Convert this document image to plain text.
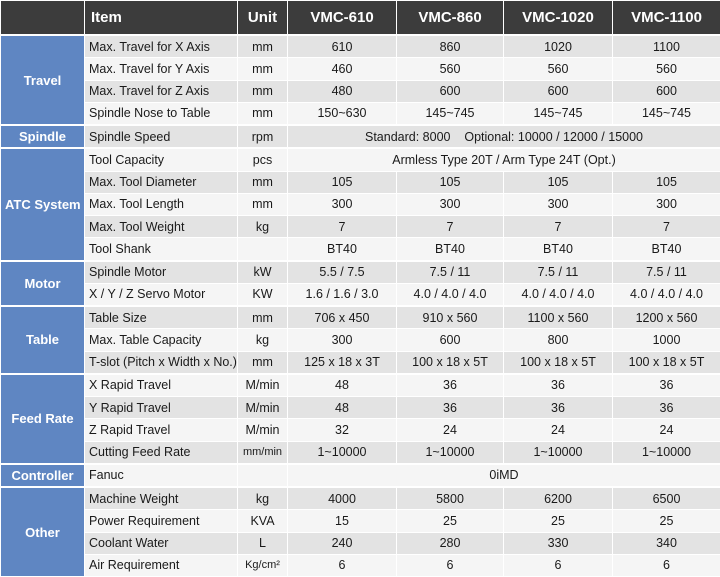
	Item	Unit	VMC-610	VMC-860	VMC-1020	VMC-1100
Travel	Max. Travel for X Axis	mm	610	860	1020	1100
	Max. Travel for Y Axis	mm	460	560	560	560
	Max. Travel for Z Axis	mm	480	600	600	600
	Spindle Nose to Table	mm	150~630	145~745	145~745	145~745
Spindle	Spindle Speed	rpm	Standard: 8000    Optional: 10000 / 12000 / 15000			
ATC System	Tool Capacity	pcs	Armless Type 20T / Arm Type 24T (Opt.)			
	Max. Tool Diameter	mm	105	105	105	105
	Max. Tool Length	mm	300	300	300	300
	Max. Tool Weight	kg	7	7	7	7
	Tool Shank		BT40	BT40	BT40	BT40
Motor	Spindle Motor	kW	5.5 / 7.5	7.5 / 11	7.5 / 11	7.5 / 11
	X / Y / Z Servo Motor	KW	1.6 / 1.6 / 3.0	4.0 / 4.0 / 4.0	4.0 / 4.0 / 4.0	4.0 / 4.0 / 4.0
Table	Table Size	mm	706 x 450	910 x 560	1100 x 560	1200 x 560
	Max. Table Capacity	kg	300	600	800	1000
	T-slot (Pitch x Width x No.)	mm	125 x 18 x 3T	100 x 18 x 5T	100 x 18 x 5T	100 x 18 x 5T
Feed Rate	X Rapid Travel	M/min	48	36	36	36
	Y Rapid Travel	M/min	48	36	36	36
	Z Rapid Travel	M/min	32	24	24	24
	Cutting Feed Rate	mm/min	1~10000	1~10000	1~10000	1~10000
Controller	Fanuc		0iMD			
Other	Machine Weight	kg	4000	5800	6200	6500
	Power Requirement	KVA	15	25	25	25
	Coolant Water	L	240	280	330	340
	Air Requirement	Kg/cm²	6	6	6	6
